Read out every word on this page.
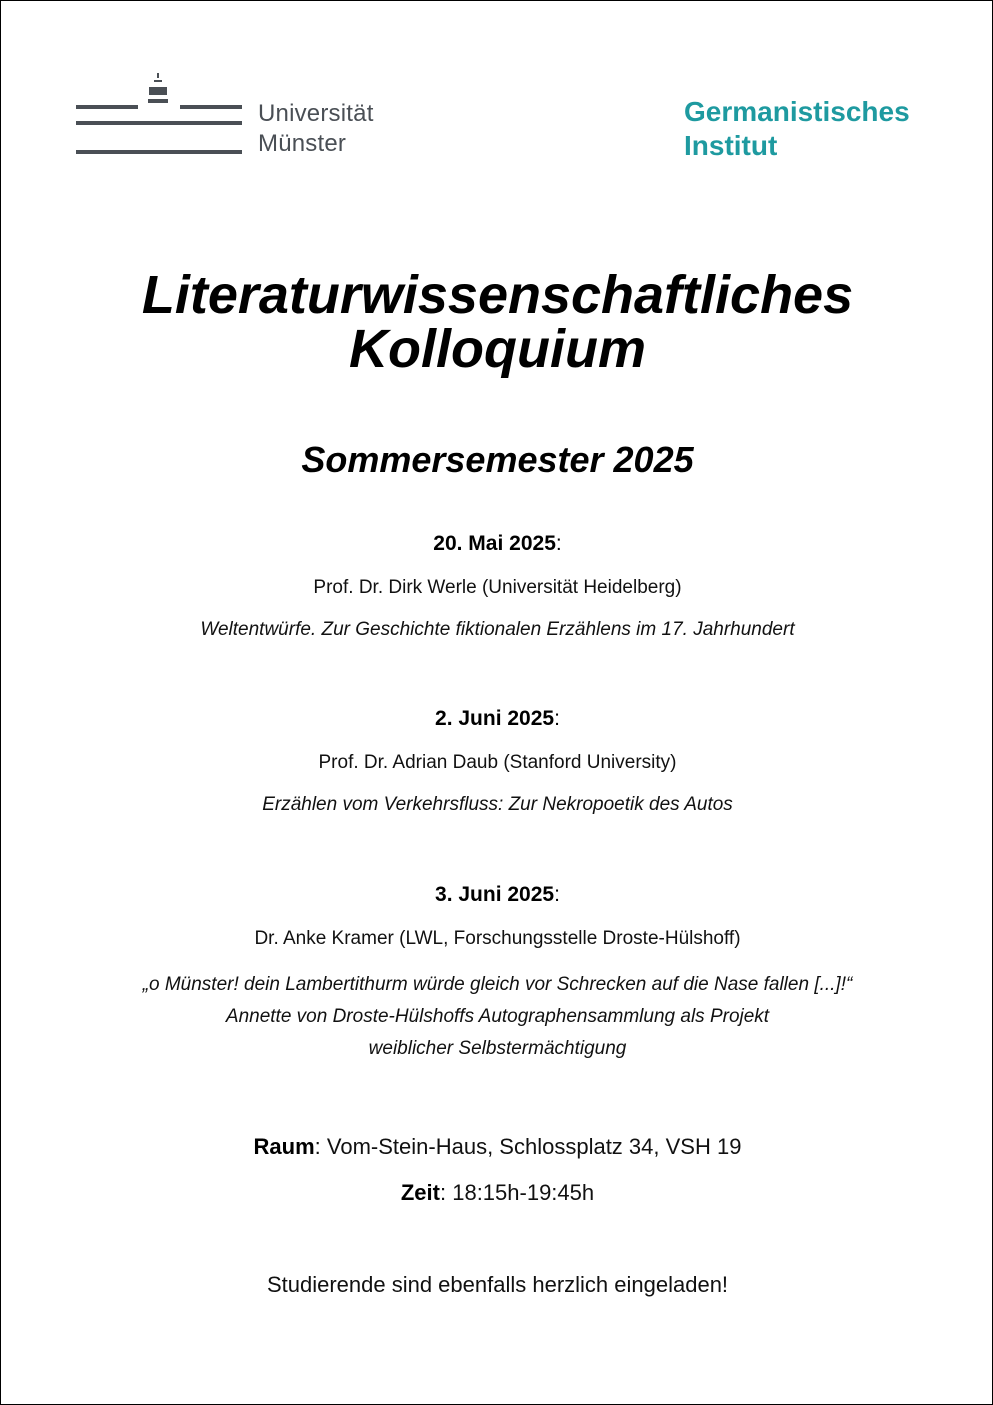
Universität
Münster
Germanistisches
Institut
Literaturwissenschaftliches
Kolloquium
Sommersemester 2025
20. Mai 2025:
Prof. Dr. Dirk Werle (Universität Heidelberg)
Weltentwürfe. Zur Geschichte fiktionalen Erzählens im 17. Jahrhundert
2. Juni 2025:
Prof. Dr. Adrian Daub (Stanford University)
Erzählen vom Verkehrsfluss: Zur Nekropoetik des Autos
3. Juni 2025:
Dr. Anke Kramer (LWL, Forschungsstelle Droste-Hülshoff)
„o Münster! dein Lambertithurm würde gleich vor Schrecken auf die Nase fallen [...]!“
Annette von Droste-Hülshoffs Autographensammlung als Projekt
weiblicher Selbstermächtigung
Raum: Vom-Stein-Haus, Schlossplatz 34, VSH 19
Zeit: 18:15h-19:45h
Studierende sind ebenfalls herzlich eingeladen!
